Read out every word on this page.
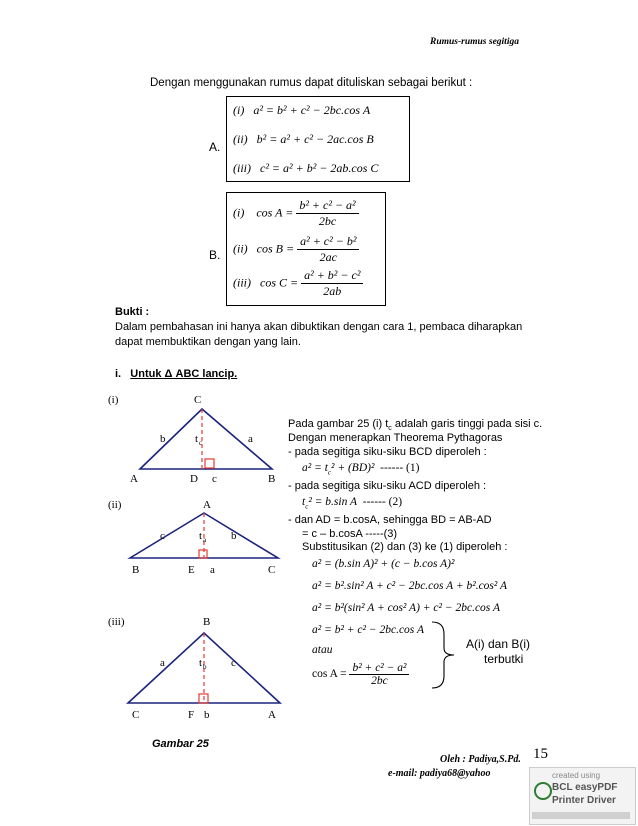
Rumus-rumus segitiga
Dengan menggunakan rumus dapat dituliskan sebagai berikut :
A.
(i) a² = b² + c² − 2bc.cos A
(ii) b² = a² + c² − 2ac.cos B
(iii) c² = a² + b² − 2ab.cos C
B.
(i) $\cos A = \frac{\text{b² + c² − a²}}{2bc}$
(ii) $\cos B = \frac{\text{a² + c² − b²}}{2ac}$
(iii) $\cos C = \frac{\text{a² + b² − c²}}{2ab}$
Bukti :
Dalam pembahasan ini hanya akan dibuktikan dengan cara 1, pembaca diharapkan
dapat membuktikan dengan yang lain.
i. Untuk Δ ABC lancip.
(i)	C
b	t c	a
A	D c	B
(ii)	A
c	t a b
B	E a	C
(iii)	B
a	t b c
C	F b	A
Gambar 25
Pada gambar 25 (i) $t_c$ adalah garis tinggi pada sisi c.
Dengan menerapkan Theorema Pythagoras
- pada segitiga siku-siku BCD diperoleh :
$a^2 = t_c^2 + (BD)^2$ ------ (1)
- pada segitiga siku-siku ACD diperoleh :
$t_c^2 = b.\sin$ A ------ (2)
- dan AD = b.cosA, sehingga BD = AB-AD
= c – b.cosA -----(3)
Substitusikan (2) dan (3) ke (1) diperoleh :
a² = (b.sin A)² + (c − b.cos A)²
a² = b².sin² A + c² − 2bc.cos A + b².cos² A
a² = b²(sin² A + cos² A) + c² − 2bc.cos A
a² = b² + c² − 2bc.cos A
atau
$\cos A = \frac{\text{b² + c² − a²}}{2bc}$
A(i) dan B(i)
terbutki
Oleh : Padiya,S.Pd.
e-mail: padiya68@yahoo
15
created using
BCL easyPDF
Printer Driver
